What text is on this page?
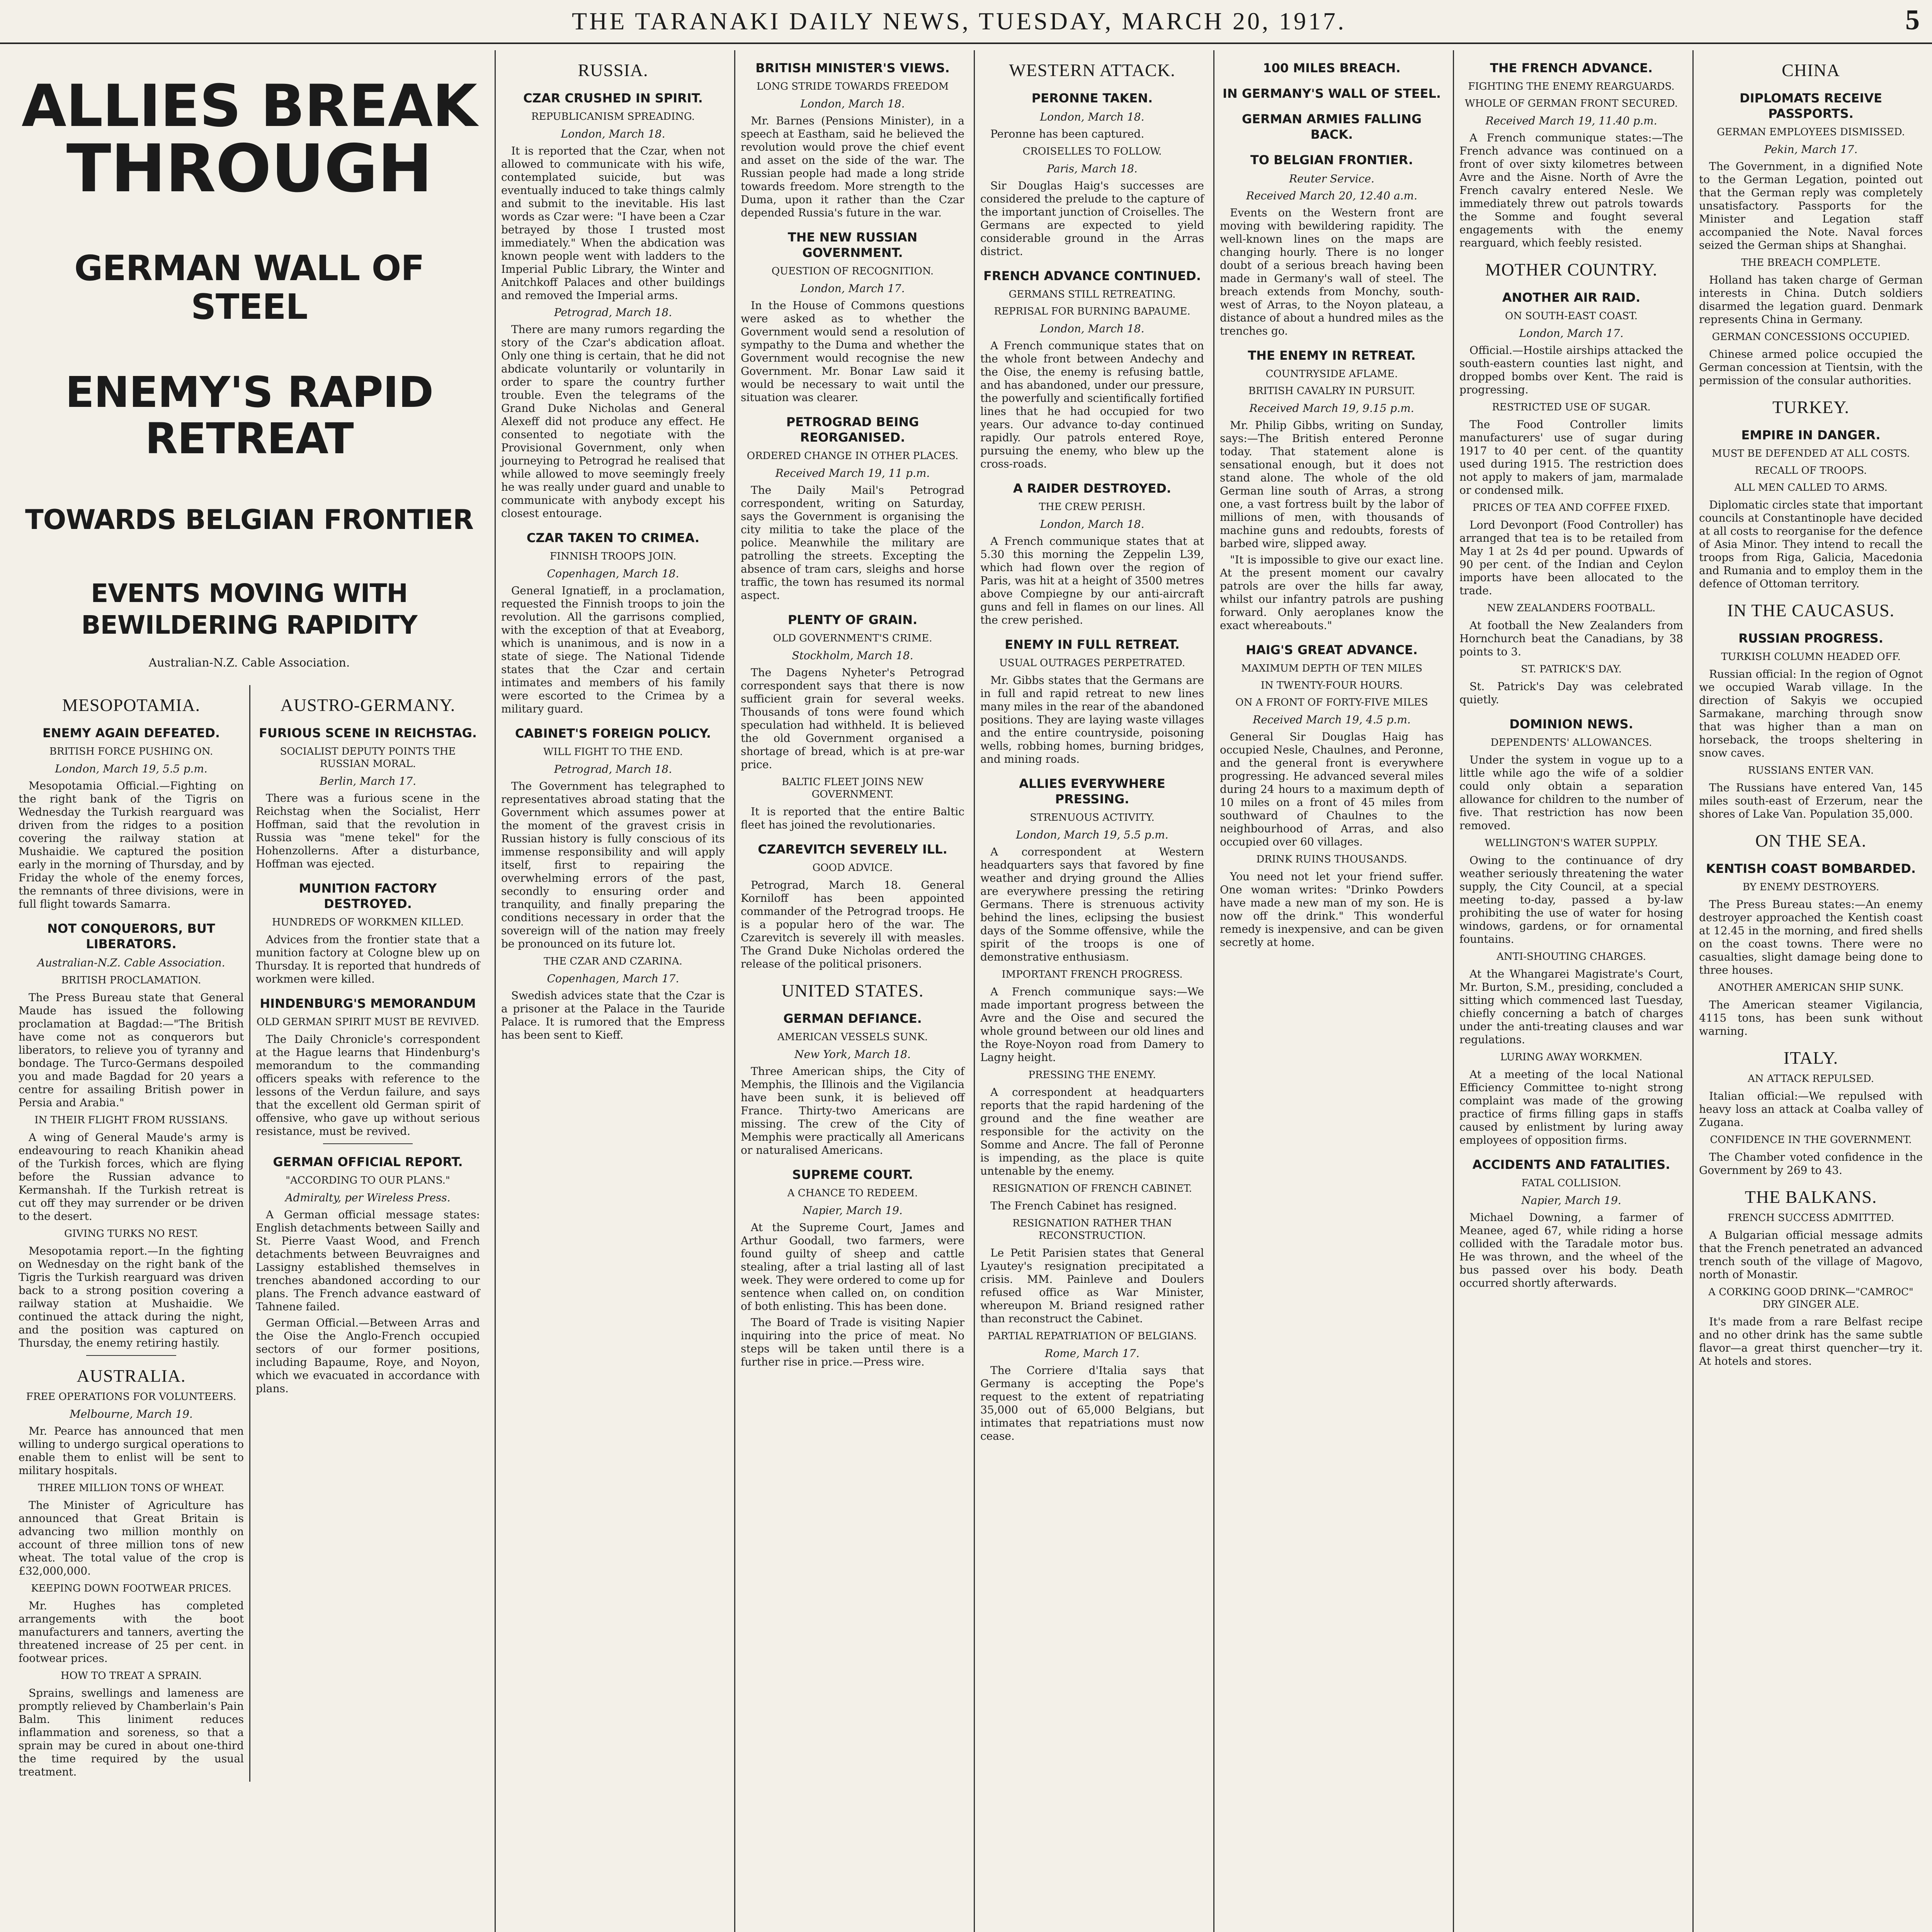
THE TARANAKI DAILY NEWS, TUESDAY, MARCH 20, 1917.	5
ALLIES BREAK
THROUGH
GERMAN WALL OF STEEL
ENEMY'S RAPID RETREAT
TOWARDS BELGIAN FRONTIER
EVENTS MOVING WITH BEWILDERING RAPIDITY
Australian-N.Z. Cable Association.
MESOPOTAMIA.
ENEMY AGAIN DEFEATED.
BRITISH FORCE PUSHING ON.
London, March 19, 5.5 p.m.

Mesopotamia Official.—Fighting on the right bank of the Tigris on Wednesday the Turkish rearguard was driven from the ridges to a position covering the railway station at Mushaidie. We captured the position early in the morning of Thursday, and by Friday the whole of the enemy forces, the remnants of three divisions, were in full flight towards Samarra.

NOT CONQUERORS, BUT LIBERATORS.
Australian-N.Z. Cable Association.
BRITISH PROCLAMATION.

The Press Bureau state that General Maude has issued the following proclamation at Bagdad:—"The British have come not as conquerors but liberators, to relieve you of tyranny and bondage. The Turco-Germans despoiled you and made Bagdad for 20 years a centre for assailing British power in Persia and Arabia."

IN THEIR FLIGHT FROM RUSSIANS.

A wing of General Maude's army is endeavouring to reach Khanikin ahead of the Turkish forces, which are flying before the Russian advance to Kermanshah. If the Turkish retreat is cut off they may surrender or be driven to the desert.

GIVING TURKS NO REST.

Mesopotamia report.—In the fighting on Wednesday on the right bank of the Tigris the Turkish rearguard was driven back to a strong position covering a railway station at Mushaidie. We continued the attack during the night, and the position was captured on Thursday, the enemy retiring hastily.

AUSTRALIA.
FREE OPERATIONS FOR VOLUNTEERS.
Melbourne, March 19.

Mr. Pearce has announced that men willing to undergo surgical operations to enable them to enlist will be sent to military hospitals.

THREE MILLION TONS OF WHEAT.

The Minister of Agriculture has announced that Great Britain is advancing two million monthly on account of three million tons of new wheat. The total value of the crop is £32,000,000.

KEEPING DOWN FOOTWEAR PRICES.

Mr. Hughes has completed arrangements with the boot manufacturers and tanners, averting the threatened increase of 25 per cent. in footwear prices.

HOW TO TREAT A SPRAIN.

Sprains, swellings and lameness are promptly relieved by Chamberlain's Pain Balm. This liniment reduces inflammation and soreness, so that a sprain may be cured in about one-third the time required by the usual treatment.

AUSTRO-GERMANY.
FURIOUS SCENE IN REICHSTAG.
SOCIALIST DEPUTY POINTS THE RUSSIAN MORAL.
Berlin, March 17.

There was a furious scene in the Reichstag when the Socialist, Herr Hoffman, said that the revolution in Russia was "mene tekel" for the Hohenzollerns. After a disturbance, Hoffman was ejected.

MUNITION FACTORY DESTROYED.
HUNDREDS OF WORKMEN KILLED.

Advices from the frontier state that a munition factory at Cologne blew up on Thursday. It is reported that hundreds of workmen were killed.

HINDENBURG'S MEMORANDUM
OLD GERMAN SPIRIT MUST BE REVIVED.

The Daily Chronicle's correspondent at the Hague learns that Hindenburg's memorandum to the commanding officers speaks with reference to the lessons of the Verdun failure, and says that the excellent old German spirit of offensive, who gave up without serious resistance, must be revived.

GERMAN OFFICIAL REPORT.
"ACCORDING TO OUR PLANS."
Admiralty, per Wireless Press.

A German official message states: English detachments between Sailly and St. Pierre Vaast Wood, and French detachments between Beuvraignes and Lassigny established themselves in trenches abandoned according to our plans. The French advance eastward of Tahnene failed.

German Official.—Between Arras and the Oise the Anglo-French occupied sectors of our former positions, including Bapaume, Roye, and Noyon, which we evacuated in accordance with plans.

RUSSIA.
CZAR CRUSHED IN SPIRIT.
REPUBLICANISM SPREADING.
London, March 18.

It is reported that the Czar, when not allowed to communicate with his wife, contemplated suicide, but was eventually induced to take things calmly and submit to the inevitable. His last words as Czar were: "I have been a Czar betrayed by those I trusted most immediately." When the abdication was known people went with ladders to the Imperial Public Library, the Winter and Anitchkoff Palaces and other buildings and removed the Imperial arms.

Petrograd, March 18.

There are many rumors regarding the story of the Czar's abdication afloat. Only one thing is certain, that he did not abdicate voluntarily or voluntarily in order to spare the country further trouble. Even the telegrams of the Grand Duke Nicholas and General Alexeff did not produce any effect. He consented to negotiate with the Provisional Government, only when journeying to Petrograd he realised that while allowed to move seemingly freely he was really under guard and unable to communicate with anybody except his closest entourage.

CZAR TAKEN TO CRIMEA.
FINNISH TROOPS JOIN.
Copenhagen, March 18.

General Ignatieff, in a proclamation, requested the Finnish troops to join the revolution. All the garrisons complied, with the exception of that at Eveaborg, which is unanimous, and is now in a state of siege. The National Tidende states that the Czar and certain intimates and members of his family were escorted to the Crimea by a military guard.

CABINET'S FOREIGN POLICY.
WILL FIGHT TO THE END.
Petrograd, March 18.

The Government has telegraphed to representatives abroad stating that the Government which assumes power at the moment of the gravest crisis in Russian history is fully conscious of its immense responsibility and will apply itself, first to repairing the overwhelming errors of the past, secondly to ensuring order and tranquility, and finally preparing the conditions necessary in order that the sovereign will of the nation may freely be pronounced on its future lot.

THE CZAR AND CZARINA.
Copenhagen, March 17.

Swedish advices state that the Czar is a prisoner at the Palace in the Tauride Palace. It is rumored that the Empress has been sent to Kieff.

BRITISH MINISTER'S VIEWS.
LONG STRIDE TOWARDS FREEDOM
London, March 18.

Mr. Barnes (Pensions Minister), in a speech at Eastham, said he believed the revolution would prove the chief event and asset on the side of the war. The Russian people had made a long stride towards freedom. More strength to the Duma, upon it rather than the Czar depended Russia's future in the war.

THE NEW RUSSIAN GOVERNMENT.
QUESTION OF RECOGNITION.
London, March 17.

In the House of Commons questions were asked as to whether the Government would send a resolution of sympathy to the Duma and whether the Government would recognise the new Government. Mr. Bonar Law said it would be necessary to wait until the situation was clearer.

PETROGRAD BEING REORGANISED.
ORDERED CHANGE IN OTHER PLACES.
Received March 19, 11 p.m.

The Daily Mail's Petrograd correspondent, writing on Saturday, says the Government is organising the city militia to take the place of the police. Meanwhile the military are patrolling the streets. Excepting the absence of tram cars, sleighs and horse traffic, the town has resumed its normal aspect.

PLENTY OF GRAIN.
OLD GOVERNMENT'S CRIME.
Stockholm, March 18.

The Dagens Nyheter's Petrograd correspondent says that there is now sufficient grain for several weeks. Thousands of tons were found which speculation had withheld. It is believed the old Government organised a shortage of bread, which is at pre-war price.

BALTIC FLEET JOINS NEW GOVERNMENT.

It is reported that the entire Baltic fleet has joined the revolutionaries.

CZAREVITCH SEVERELY ILL.
GOOD ADVICE.

Petrograd, March 18. General Korniloff has been appointed commander of the Petrograd troops. He is a popular hero of the war. The Czarevitch is severely ill with measles. The Grand Duke Nicholas ordered the release of the political prisoners.

UNITED STATES.
GERMAN DEFIANCE.
AMERICAN VESSELS SUNK.
New York, March 18.

Three American ships, the City of Memphis, the Illinois and the Vigilancia have been sunk, it is believed off France. Thirty-two Americans are missing. The crew of the City of Memphis were practically all Americans or naturalised Americans.

SUPREME COURT.
A CHANCE TO REDEEM.
Napier, March 19.

At the Supreme Court, James and Arthur Goodall, two farmers, were found guilty of sheep and cattle stealing, after a trial lasting all of last week. They were ordered to come up for sentence when called on, on condition of both enlisting. This has been done.

The Board of Trade is visiting Napier inquiring into the price of meat. No steps will be taken until there is a further rise in price.—Press wire.

WESTERN ATTACK.
PERONNE TAKEN.
London, March 18.

Peronne has been captured.

CROISELLES TO FOLLOW.
Paris, March 18.

Sir Douglas Haig's successes are considered the prelude to the capture of the important junction of Croiselles. The Germans are expected to yield considerable ground in the Arras district.

FRENCH ADVANCE CONTINUED.
GERMANS STILL RETREATING.
REPRISAL FOR BURNING BAPAUME.
London, March 18.

A French communique states that on the whole front between Andechy and the Oise, the enemy is refusing battle, and has abandoned, under our pressure, the powerfully and scientifically fortified lines that he had occupied for two years. Our advance to-day continued rapidly. Our patrols entered Roye, pursuing the enemy, who blew up the cross-roads.

A RAIDER DESTROYED.
THE CREW PERISH.
London, March 18.

A French communique states that at 5.30 this morning the Zeppelin L39, which had flown over the region of Paris, was hit at a height of 3500 metres above Compiegne by our anti-aircraft guns and fell in flames on our lines. All the crew perished.

ENEMY IN FULL RETREAT.
USUAL OUTRAGES PERPETRATED.

Mr. Gibbs states that the Germans are in full and rapid retreat to new lines many miles in the rear of the abandoned positions. They are laying waste villages and the entire countryside, poisoning wells, robbing homes, burning bridges, and mining roads.

ALLIES EVERYWHERE PRESSING.
STRENUOUS ACTIVITY.
London, March 19, 5.5 p.m.

A correspondent at Western headquarters says that favored by fine weather and drying ground the Allies are everywhere pressing the retiring Germans. There is strenuous activity behind the lines, eclipsing the busiest days of the Somme offensive, while the spirit of the troops is one of demonstrative enthusiasm.

IMPORTANT FRENCH PROGRESS.

A French communique says:—We made important progress between the Avre and the Oise and secured the whole ground between our old lines and the Roye-Noyon road from Damery to Lagny height.

PRESSING THE ENEMY.

A correspondent at headquarters reports that the rapid hardening of the ground and the fine weather are responsible for the activity on the Somme and Ancre. The fall of Peronne is impending, as the place is quite untenable by the enemy.

RESIGNATION OF FRENCH CABINET.

The French Cabinet has resigned.

RESIGNATION RATHER THAN RECONSTRUCTION.

Le Petit Parisien states that General Lyautey's resignation precipitated a crisis. MM. Painleve and Doulers refused office as War Minister, whereupon M. Briand resigned rather than reconstruct the Cabinet.

PARTIAL REPATRIATION OF BELGIANS.
Rome, March 17.

The Corriere d'Italia says that Germany is accepting the Pope's request to the extent of repatriating 35,000 out of 65,000 Belgians, but intimates that repatriations must now cease.

100 MILES BREACH.
IN GERMANY'S WALL OF STEEL.
GERMAN ARMIES FALLING BACK.
TO BELGIAN FRONTIER.
Reuter Service.
Received March 20, 12.40 a.m.

Events on the Western front are moving with bewildering rapidity. The well-known lines on the maps are changing hourly. There is no longer doubt of a serious breach having been made in Germany's wall of steel. The breach extends from Monchy, south-west of Arras, to the Noyon plateau, a distance of about a hundred miles as the trenches go.

THE ENEMY IN RETREAT.
COUNTRYSIDE AFLAME.
BRITISH CAVALRY IN PURSUIT.
Received March 19, 9.15 p.m.

Mr. Philip Gibbs, writing on Sunday, says:—The British entered Peronne today. That statement alone is sensational enough, but it does not stand alone. The whole of the old German line south of Arras, a strong one, a vast fortress built by the labor of millions of men, with thousands of machine guns and redoubts, forests of barbed wire, slipped away.

"It is impossible to give our exact line. At the present moment our cavalry patrols are over the hills far away, whilst our infantry patrols are pushing forward. Only aeroplanes know the exact whereabouts."

HAIG'S GREAT ADVANCE.
MAXIMUM DEPTH OF TEN MILES
IN TWENTY-FOUR HOURS.
ON A FRONT OF FORTY-FIVE MILES
Received March 19, 4.5 p.m.

General Sir Douglas Haig has occupied Nesle, Chaulnes, and Peronne, and the general front is everywhere progressing. He advanced several miles during 24 hours to a maximum depth of 10 miles on a front of 45 miles from southward of Chaulnes to the neighbourhood of Arras, and also occupied over 60 villages.

DRINK RUINS THOUSANDS.

You need not let your friend suffer. One woman writes: "Drinko Powders have made a new man of my son. He is now off the drink." This wonderful remedy is inexpensive, and can be given secretly at home.

THE FRENCH ADVANCE.
FIGHTING THE ENEMY REARGUARDS.
WHOLE OF GERMAN FRONT SECURED.
Received March 19, 11.40 p.m.

A French communique states:—The French advance was continued on a front of over sixty kilometres between Avre and the Aisne. North of Avre the French cavalry entered Nesle. We immediately threw out patrols towards the Somme and fought several engagements with the enemy rearguard, which feebly resisted.

MOTHER COUNTRY.
ANOTHER AIR RAID.
ON SOUTH-EAST COAST.
London, March 17.

Official.—Hostile airships attacked the south-eastern counties last night, and dropped bombs over Kent. The raid is progressing.

RESTRICTED USE OF SUGAR.

The Food Controller limits manufacturers' use of sugar during 1917 to 40 per cent. of the quantity used during 1915. The restriction does not apply to makers of jam, marmalade or condensed milk.

PRICES OF TEA AND COFFEE FIXED.

Lord Devonport (Food Controller) has arranged that tea is to be retailed from May 1 at 2s 4d per pound. Upwards of 90 per cent. of the Indian and Ceylon imports have been allocated to the trade.

NEW ZEALANDERS FOOTBALL.

At football the New Zealanders from Hornchurch beat the Canadians, by 38 points to 3.

ST. PATRICK'S DAY.

St. Patrick's Day was celebrated quietly.

DOMINION NEWS.
DEPENDENTS' ALLOWANCES.

Under the system in vogue up to a little while ago the wife of a soldier could only obtain a separation allowance for children to the number of five. That restriction has now been removed.

WELLINGTON'S WATER SUPPLY.

Owing to the continuance of dry weather seriously threatening the water supply, the City Council, at a special meeting to-day, passed a by-law prohibiting the use of water for hosing windows, gardens, or for ornamental fountains.

ANTI-SHOUTING CHARGES.

At the Whangarei Magistrate's Court, Mr. Burton, S.M., presiding, concluded a sitting which commenced last Tuesday, chiefly concerning a batch of charges under the anti-treating clauses and war regulations.

LURING AWAY WORKMEN.

At a meeting of the local National Efficiency Committee to-night strong complaint was made of the growing practice of firms filling gaps in staffs caused by enlistment by luring away employees of opposition firms.

ACCIDENTS AND FATALITIES.
FATAL COLLISION.
Napier, March 19.

Michael Downing, a farmer of Meanee, aged 67, while riding a horse collided with the Taradale motor bus. He was thrown, and the wheel of the bus passed over his body. Death occurred shortly afterwards.

CHINA
DIPLOMATS RECEIVE PASSPORTS.
GERMAN EMPLOYEES DISMISSED.
Pekin, March 17.

The Government, in a dignified Note to the German Legation, pointed out that the German reply was completely unsatisfactory. Passports for the Minister and Legation staff accompanied the Note. Naval forces seized the German ships at Shanghai.

THE BREACH COMPLETE.

Holland has taken charge of German interests in China. Dutch soldiers disarmed the legation guard. Denmark represents China in Germany.

GERMAN CONCESSIONS OCCUPIED.

Chinese armed police occupied the German concession at Tientsin, with the permission of the consular authorities.

TURKEY.
EMPIRE IN DANGER.
MUST BE DEFENDED AT ALL COSTS.
RECALL OF TROOPS.
ALL MEN CALLED TO ARMS.

Diplomatic circles state that important councils at Constantinople have decided at all costs to reorganise for the defence of Asia Minor. They intend to recall the troops from Riga, Galicia, Macedonia and Rumania and to employ them in the defence of Ottoman territory.

IN THE CAUCASUS.
RUSSIAN PROGRESS.
TURKISH COLUMN HEADED OFF.

Russian official: In the region of Ognot we occupied Warab village. In the direction of Sakyis we occupied Sarmakane, marching through snow that was higher than a man on horseback, the troops sheltering in snow caves.

RUSSIANS ENTER VAN.

The Russians have entered Van, 145 miles south-east of Erzerum, near the shores of Lake Van. Population 35,000.

ON THE SEA.
KENTISH COAST BOMBARDED.
BY ENEMY DESTROYERS.

The Press Bureau states:—An enemy destroyer approached the Kentish coast at 12.45 in the morning, and fired shells on the coast towns. There were no casualties, slight damage being done to three houses.

ANOTHER AMERICAN SHIP SUNK.

The American steamer Vigilancia, 4115 tons, has been sunk without warning.

ITALY.
AN ATTACK REPULSED.

Italian official:—We repulsed with heavy loss an attack at Coalba valley of Zugana.

CONFIDENCE IN THE GOVERNMENT.

The Chamber voted confidence in the Government by 269 to 43.

THE BALKANS.
FRENCH SUCCESS ADMITTED.

A Bulgarian official message admits that the French penetrated an advanced trench south of the village of Magovo, north of Monastir.

A CORKING GOOD DRINK—"CAMROC" DRY GINGER ALE.

It's made from a rare Belfast recipe and no other drink has the same subtle flavor—a great thirst quencher—try it. At hotels and stores.
